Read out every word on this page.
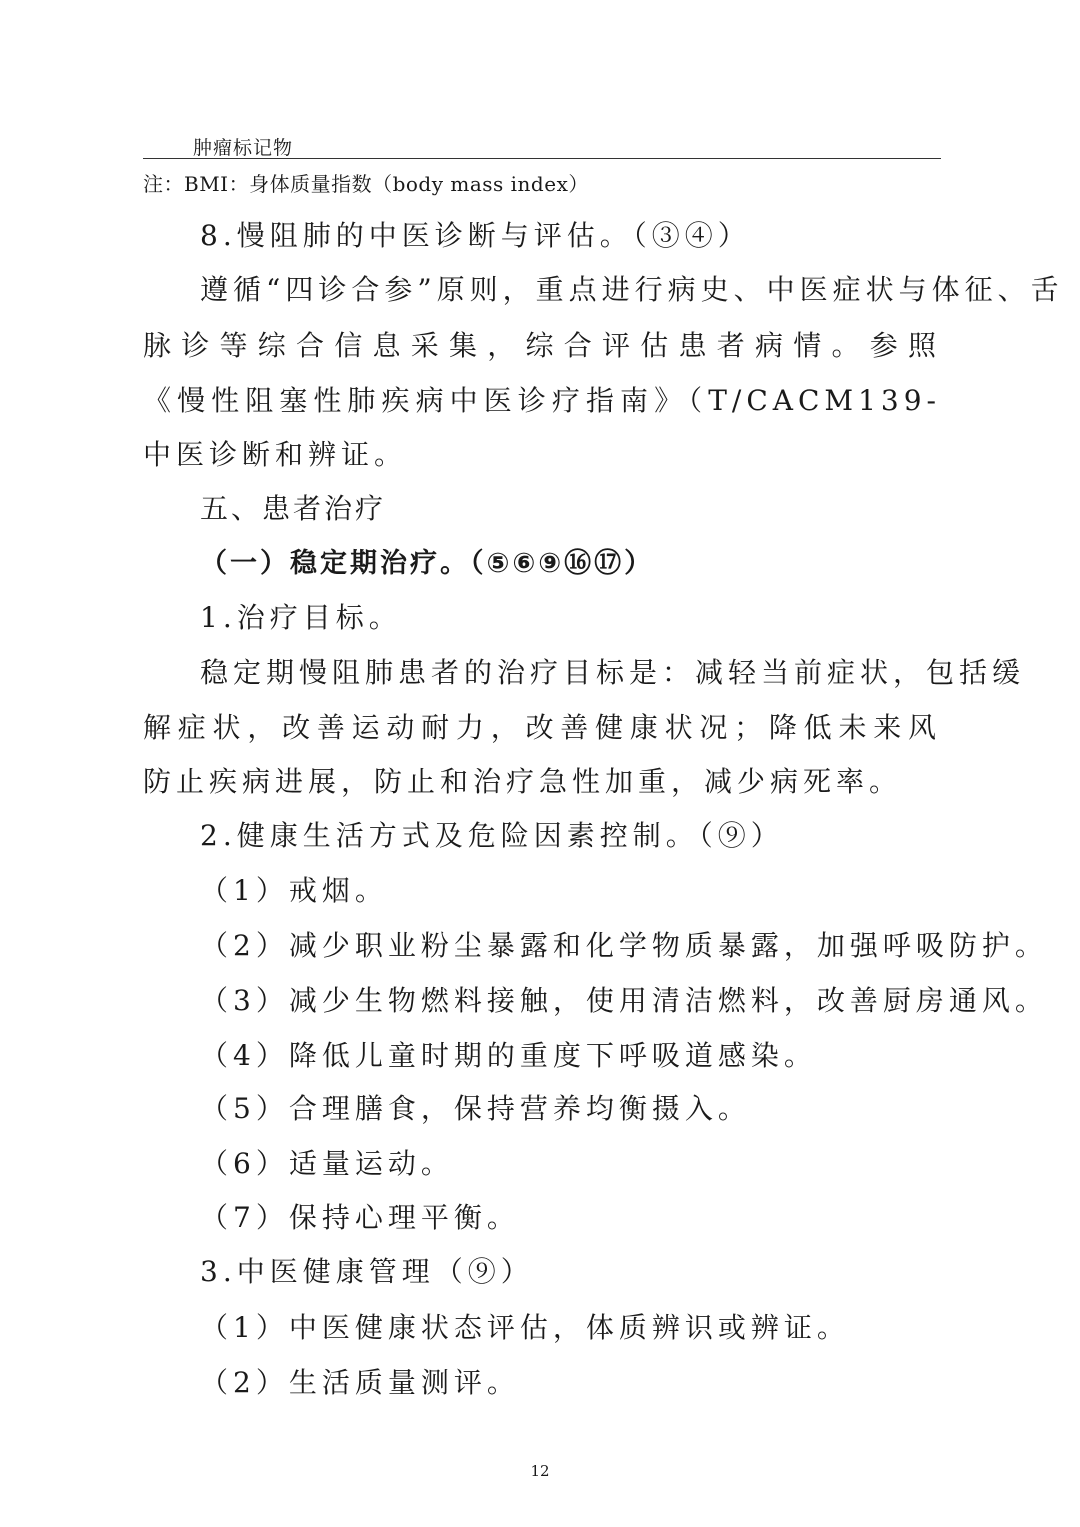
肿瘤标记物
注：BMI：身体质量指数（body mass index）
8.慢阻肺的中医诊断与评估。（③④）
遵循“四诊合参”原则，重点进行病史、中医症状与体征、舌
脉诊等综合信息采集，综合评估患者病情。参照
《慢性阻塞性肺疾病中医诊疗指南》（T/CACM139-
中医诊断和辨证。
五、患者治疗
（一）稳定期治疗。（⑤⑥⑨⑯⑰）
1.治疗目标。
稳定期慢阻肺患者的治疗目标是：减轻当前症状，包括缓
解症状，改善运动耐力，改善健康状况；降低未来风
防止疾病进展，防止和治疗急性加重，减少病死率。
2.健康生活方式及危险因素控制。（⑨）
（1）戒烟。
（2）减少职业粉尘暴露和化学物质暴露，加强呼吸防护。
（3）减少生物燃料接触，使用清洁燃料，改善厨房通风。
（4）降低儿童时期的重度下呼吸道感染。
（5）合理膳食，保持营养均衡摄入。
（6）适量运动。
（7）保持心理平衡。
3.中医健康管理（⑨）
（1）中医健康状态评估，体质辨识或辨证。
（2）生活质量测评。
12
